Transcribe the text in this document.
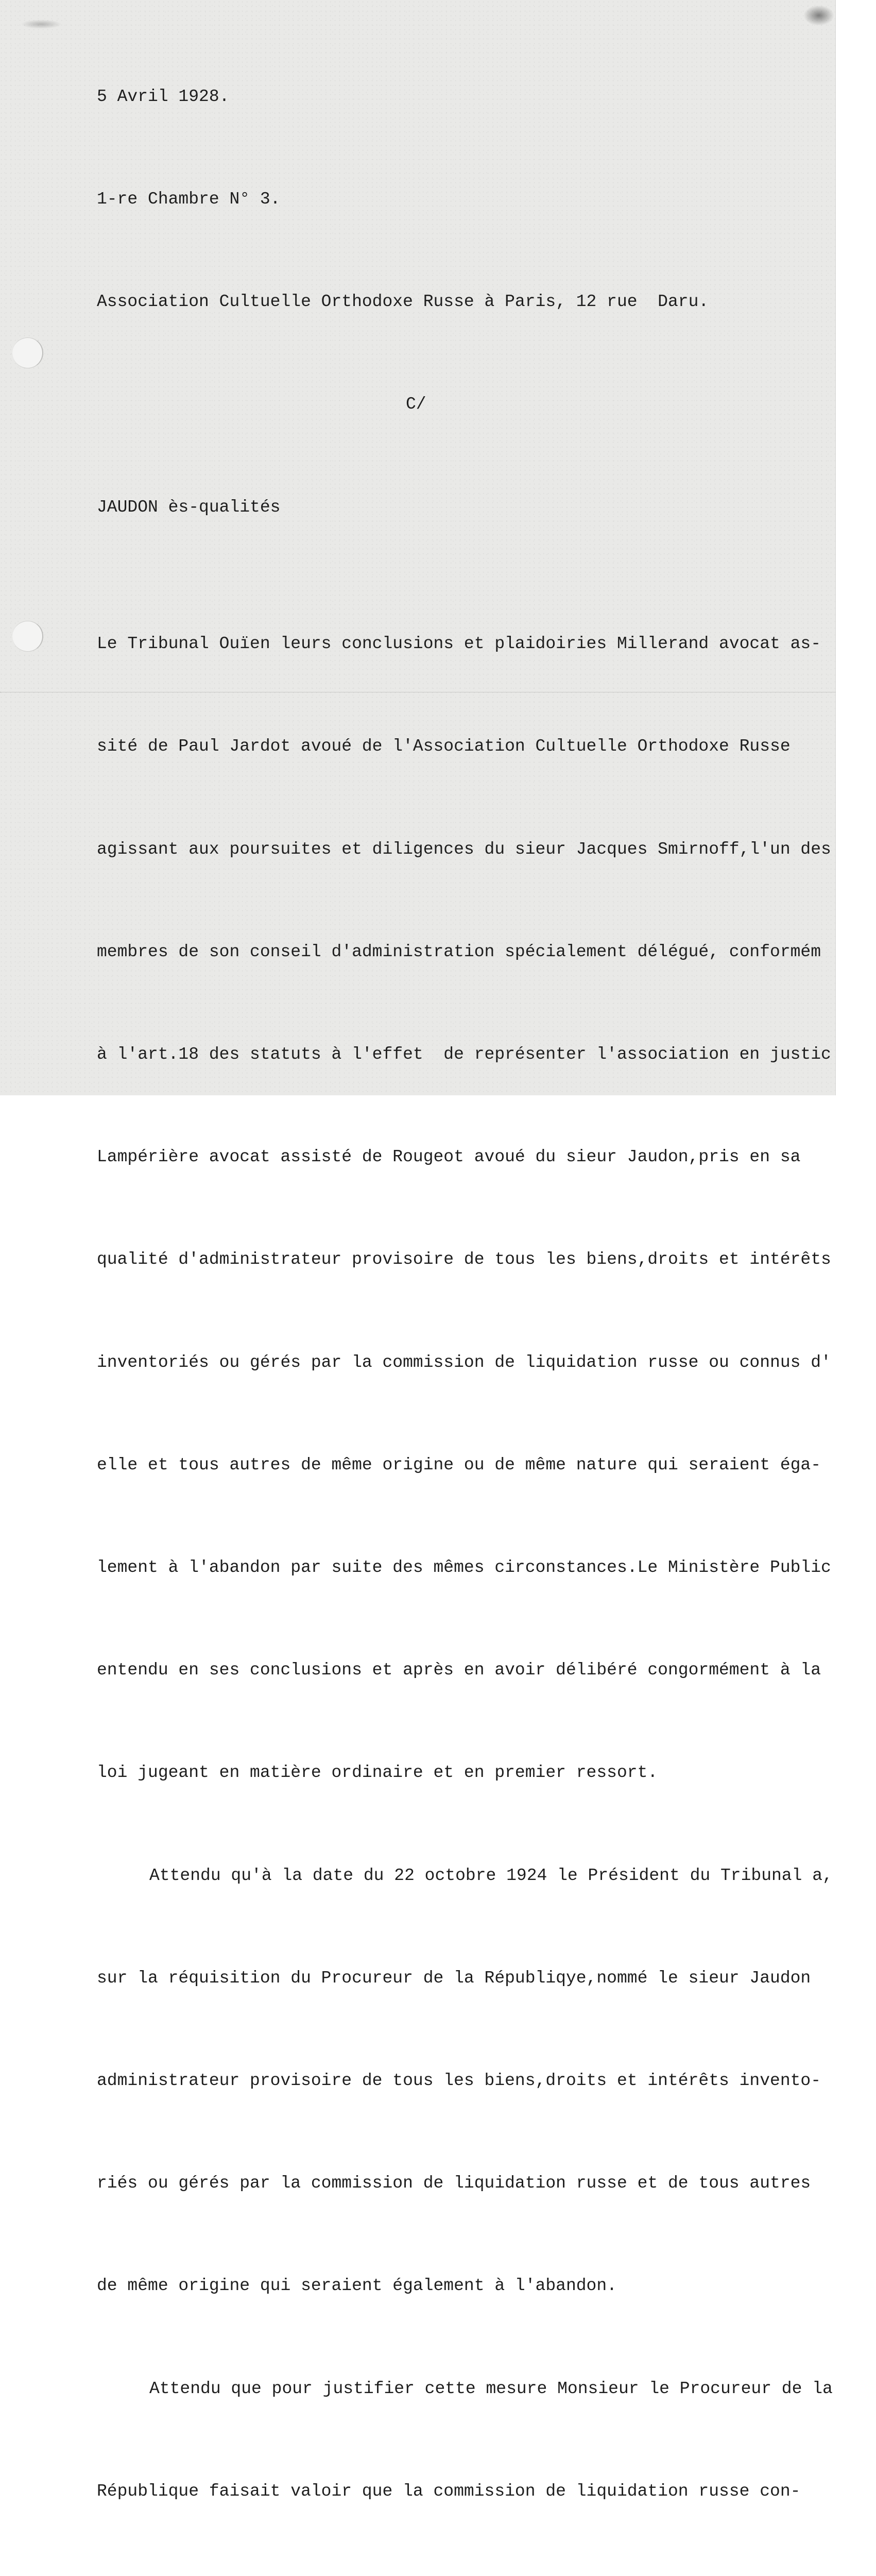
5 Avril 1928.

1-re Chambre N° 3.

Association Cultuelle Orthodoxe Russe à Paris, 12 rue  Daru.

C/

JAUDON ès-qualités

Le Tribunal Ouïen leurs conclusions et plaidoiries Millerand avocat as-

sité de Paul Jardot avoué de l'Association Cultuelle Orthodoxe Russe

agissant aux poursuites et diligences du sieur Jacques Smirnoff,l'un des

membres de son conseil d'administration spécialement délégué, conformém

à l'art.18 des statuts à l'effet  de représenter l'association en justic

Lampérière avocat assisté de Rougeot avoué du sieur Jaudon,pris en sa

qualité d'administrateur provisoire de tous les biens,droits et intérêts

inventoriés ou gérés par la commission de liquidation russe ou connus d'

elle et tous autres de même origine ou de même nature qui seraient éga-

lement à l'abandon par suite des mêmes circonstances.Le Ministère Public

entendu en ses conclusions et après en avoir délibéré congormément à la

loi jugeant en matière ordinaire et en premier ressort.

Attendu qu'à la date du 22 octobre 1924 le Président du Tribunal a,

sur la réquisition du Procureur de la Républiqye,nommé le sieur Jaudon

administrateur provisoire de tous les biens,droits et intérêts invento-

riés ou gérés par la commission de liquidation russe et de tous autres

de même origine qui seraient également à l'abandon.

Attendu que pour justifier cette mesure Monsieur le Procureur de la

République faisait valoir que la commission de liquidation russe con-
